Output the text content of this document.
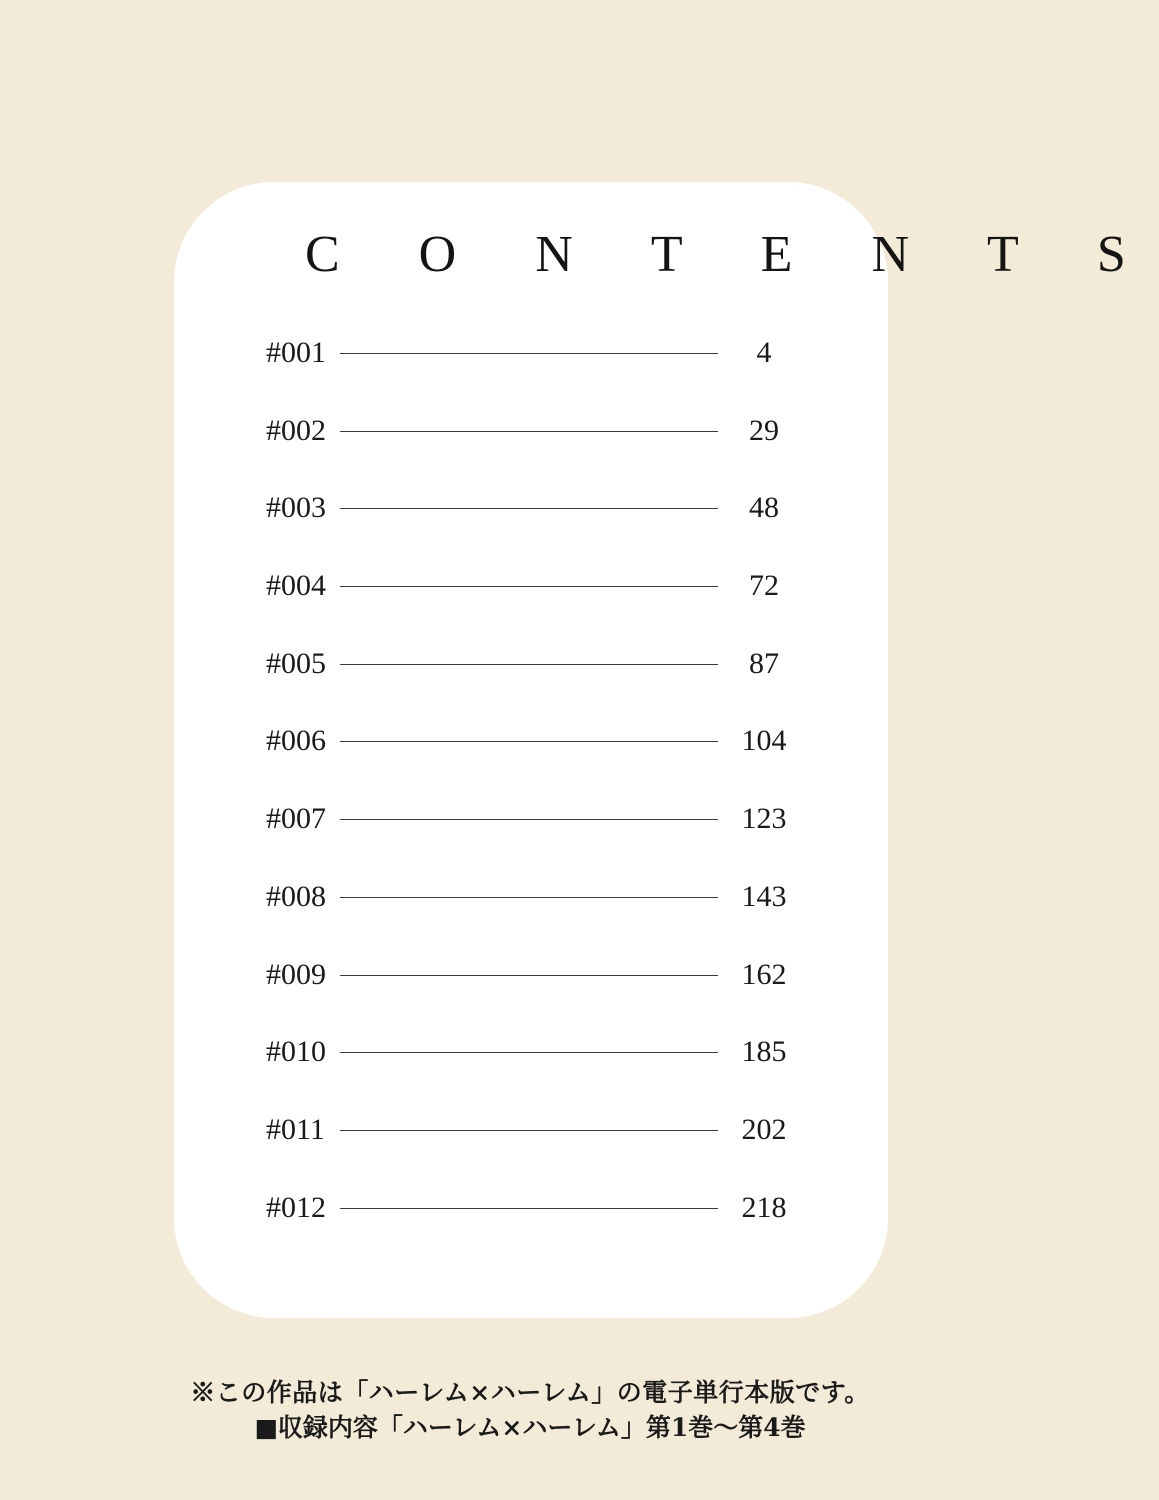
C O N T E N T S
#001	4
#002	29
#003	48
#004	72
#005	87
#006	104
#007	123
#008	143
#009	162
#010	185
#011	202
#012	218

※この作品は「ハーレム×ハーレム」の電子単行本版です。

■収録内容「ハーレム×ハーレム」第1巻～第4巻
